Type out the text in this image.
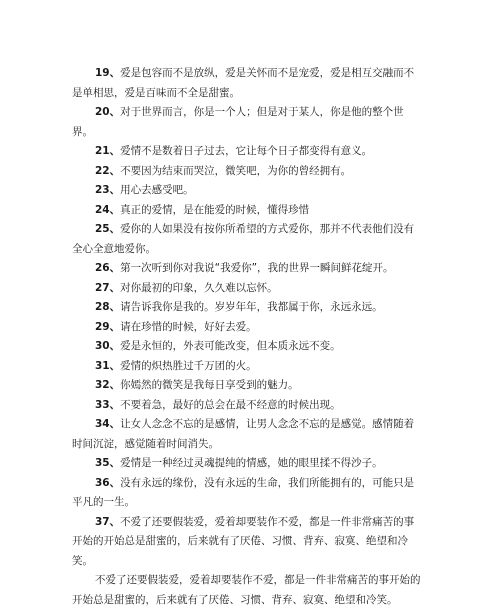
19、爱是包容而不是放纵，爱是关怀而不是宠爱，爱是相互交融而不是单相思，爱是百味而不全是甜蜜。

20、对于世界而言，你是一个人；但是对于某人，你是他的整个世界。

21、爱情不是数着日子过去，它让每个日子都变得有意义。

22、不要因为结束而哭泣，微笑吧，为你的曾经拥有。

23、用心去感受吧。

24、真正的爱情，是在能爱的时候，懂得珍惜

25、爱你的人如果没有按你所希望的方式爱你，那并不代表他们没有全心全意地爱你。

26、第一次听到你对我说“我爱你”，我的世界一瞬间鲜花绽开。

27、对你最初的印象，久久难以忘怀。

28、请告诉我你是我的。岁岁年年，我都属于你，永远永远。

29、请在珍惜的时候，好好去爱。

30、爱是永恒的，外表可能改变，但本质永远不变。

31、爱情的炽热胜过千万团的火。

32、你嫣然的微笑是我每日享受到的魅力。

33、不要着急，最好的总会在最不经意的时候出现。

34、让女人念念不忘的是感情，让男人念念不忘的是感觉。感情随着时间沉淀，感觉随着时间消失。

35、爱情是一种经过灵魂提纯的情感，她的眼里揉不得沙子。

36、没有永远的缘份，没有永远的生命，我们所能拥有的，可能只是平凡的一生。

37、不爱了还要假装爱，爱着却要装作不爱，都是一件非常痛苦的事开始的开始总是甜蜜的，后来就有了厌倦、习惯、背弃、寂寞、绝望和冷笑。

不爱了还要假装爱，爱着却要装作不爱，都是一件非常痛苦的事开始的开始总是甜蜜的，后来就有了厌倦、习惯、背弃、寂寞、绝望和冷笑。
